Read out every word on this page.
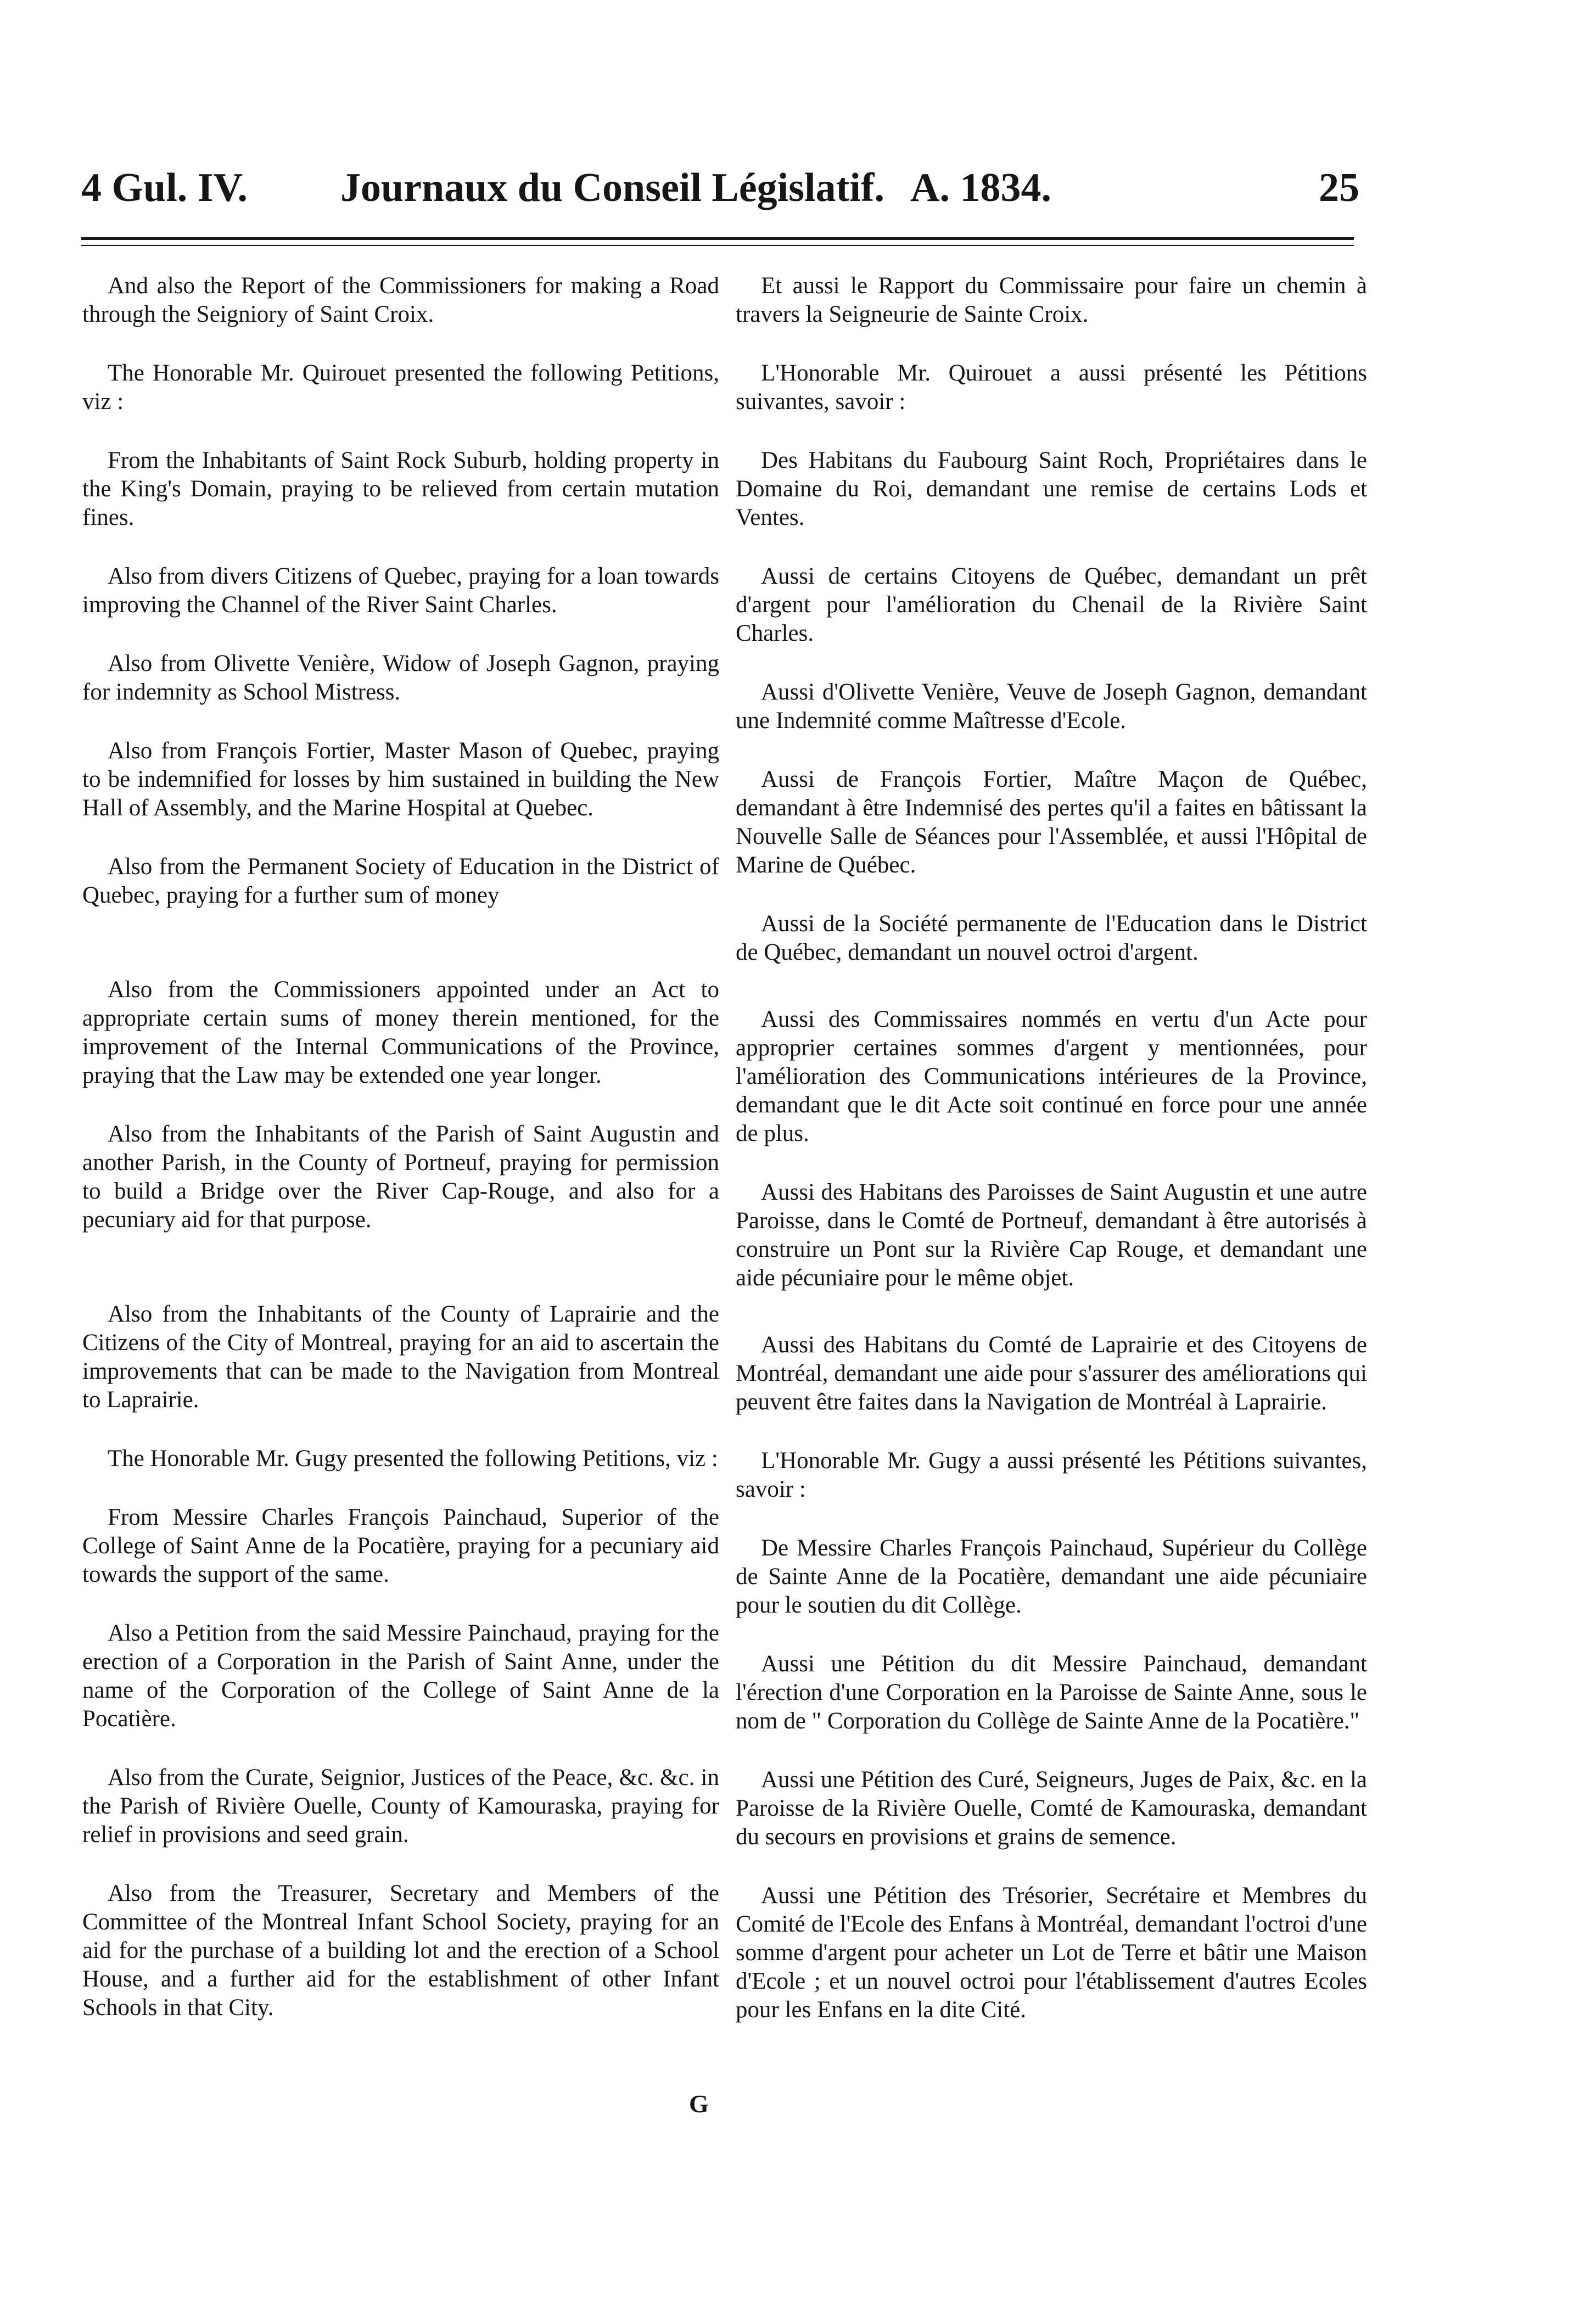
4 Gul. IV. Journaux du Conseil Législatif. A. 1834.	25

And also the Report of the Commissioners for making a Road through the Seigniory of Saint Croix.

The Honorable Mr. Quirouet presented the following Petitions, viz :

From the Inhabitants of Saint Rock Suburb, holding property in the King's Domain, praying to be relieved from certain mutation fines.

Also from divers Citizens of Quebec, praying for a loan towards improving the Channel of the River Saint Charles.

Also from Olivette Venière, Widow of Joseph Gagnon, praying for indemnity as School Mistress.

Also from François Fortier, Master Mason of Quebec, praying to be indemnified for losses by him sustained in building the New Hall of Assembly, and the Marine Hospital at Quebec.

Also from the Permanent Society of Education in the District of Quebec, praying for a further sum of money

Also from the Commissioners appointed under an Act to appropriate certain sums of money therein mentioned, for the improvement of the Internal Communications of the Province, praying that the Law may be extended one year longer.

Also from the Inhabitants of the Parish of Saint Augustin and another Parish, in the County of Portneuf, praying for permission to build a Bridge over the River Cap-Rouge, and also for a pecuniary aid for that purpose.

Also from the Inhabitants of the County of Laprairie and the Citizens of the City of Montreal, praying for an aid to ascertain the improvements that can be made to the Navigation from Montreal to Laprairie.

The Honorable Mr. Gugy presented the following Petitions, viz :

From Messire Charles François Painchaud, Superior of the College of Saint Anne de la Pocatière, praying for a pecuniary aid towards the support of the same.

Also a Petition from the said Messire Painchaud, praying for the erection of a Corporation in the Parish of Saint Anne, under the name of the Corporation of the College of Saint Anne de la Pocatière.

Also from the Curate, Seignior, Justices of the Peace, &c. &c. in the Parish of Rivière Ouelle, County of Kamouraska, praying for relief in provisions and seed grain.

Also from the Treasurer, Secretary and Members of the Committee of the Montreal Infant School Society, praying for an aid for the purchase of a building lot and the erection of a School House, and a further aid for the establishment of other Infant Schools in that City.

Et aussi le Rapport du Commissaire pour faire un chemin à travers la Seigneurie de Sainte Croix.

L'Honorable Mr. Quirouet a aussi présenté les Pétitions suivantes, savoir :

Des Habitans du Faubourg Saint Roch, Propriétaires dans le Domaine du Roi, demandant une remise de certains Lods et Ventes.

Aussi de certains Citoyens de Québec, demandant un prêt d'argent pour l'amélioration du Chenail de la Rivière Saint Charles.

Aussi d'Olivette Venière, Veuve de Joseph Gagnon, demandant une Indemnité comme Maîtresse d'Ecole.

Aussi de François Fortier, Maître Maçon de Québec, demandant à être Indemnisé des pertes qu'il a faites en bâtissant la Nouvelle Salle de Séances pour l'Assemblée, et aussi l'Hôpital de Marine de Québec.

Aussi de la Société permanente de l'Education dans le District de Québec, demandant un nouvel octroi d'argent.

Aussi des Commissaires nommés en vertu d'un Acte pour approprier certaines sommes d'argent y mentionnées, pour l'amélioration des Communications intérieures de la Province, demandant que le dit Acte soit continué en force pour une année de plus.

Aussi des Habitans des Paroisses de Saint Augustin et une autre Paroisse, dans le Comté de Portneuf, demandant à être autorisés à construire un Pont sur la Rivière Cap Rouge, et demandant une aide pécuniaire pour le même objet.

Aussi des Habitans du Comté de Laprairie et des Citoyens de Montréal, demandant une aide pour s'assurer des améliorations qui peuvent être faites dans la Navigation de Montréal à Laprairie.

L'Honorable Mr. Gugy a aussi présenté les Pétitions suivantes, savoir :

De Messire Charles François Painchaud, Supérieur du Collège de Sainte Anne de la Pocatière, demandant une aide pécuniaire pour le soutien du dit Collège.

Aussi une Pétition du dit Messire Painchaud, demandant l'érection d'une Corporation en la Paroisse de Sainte Anne, sous le nom de " Corporation du Collège de Sainte Anne de la Pocatière."

Aussi une Pétition des Curé, Seigneurs, Juges de Paix, &c. en la Paroisse de la Rivière Ouelle, Comté de Kamouraska, demandant du secours en provisions et grains de semence.

Aussi une Pétition des Trésorier, Secrétaire et Membres du Comité de l'Ecole des Enfans à Montréal, demandant l'octroi d'une somme d'argent pour acheter un Lot de Terre et bâtir une Maison d'Ecole ; et un nouvel octroi pour l'établissement d'autres Ecoles pour les Enfans en la dite Cité.

G
